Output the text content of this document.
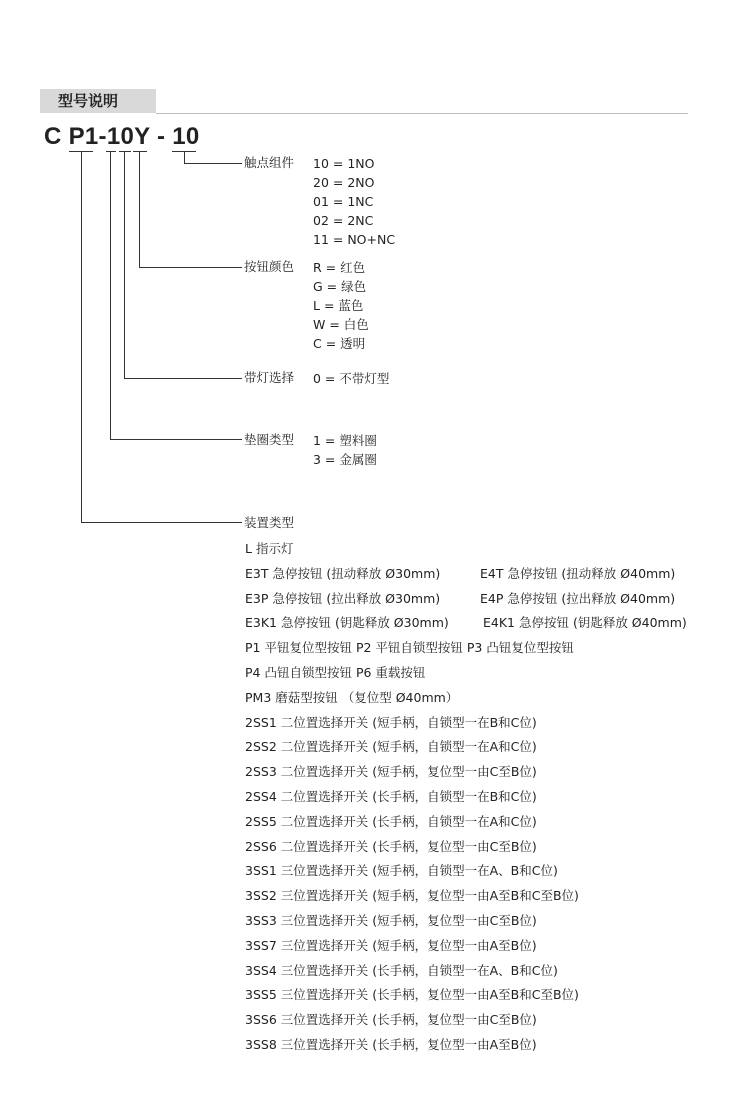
型号说明
C P1-10Y - 10
触点组件 10 = 1NO
20 = 2NO
01 = 1NC
02 = 2NC
11 = NO+NC
按钮颜色 R = 红色
G = 绿色
L = 蓝色
W = 白色
C = 透明
带灯选择 0 = 不带灯型
垫圈类型 1 = 塑料圈
3 = 金属圈
装置类型
L 指示灯
E3T 急停按钮 (扭动释放 Ø30mm)	E4T 急停按钮 (扭动释放 Ø40mm)
E3P 急停按钮 (拉出释放 Ø30mm)	E4P 急停按钮 (拉出释放 Ø40mm)
E3K1 急停按钮 (钥匙释放 Ø30mm)	E4K1 急停按钮 (钥匙释放 Ø40mm)
P1 平钮复位型按钮 P2 平钮自锁型按钮 P3 凸钮复位型按钮
P4 凸钮自锁型按钮 P6 重载按钮
PM3 磨菇型按钮 （复位型 Ø40mm）
2SS1 二位置选择开关 (短手柄，自锁型一在B和C位)
2SS2 二位置选择开关 (短手柄，自锁型一在A和C位)
2SS3 二位置选择开关 (短手柄，复位型一由C至B位)
2SS4 二位置选择开关 (长手柄，自锁型一在B和C位)
2SS5 二位置选择开关 (长手柄，自锁型一在A和C位)
2SS6 二位置选择开关 (长手柄，复位型一由C至B位)
3SS1 三位置选择开关 (短手柄，自锁型一在A、B和C位)
3SS2 三位置选择开关 (短手柄，复位型一由A至B和C至B位)
3SS3 三位置选择开关 (短手柄，复位型一由C至B位)
3SS7 三位置选择开关 (短手柄，复位型一由A至B位)
3SS4 三位置选择开关 (长手柄，自锁型一在A、B和C位)
3SS5 三位置选择开关 (长手柄，复位型一由A至B和C至B位)
3SS6 三位置选择开关 (长手柄，复位型一由C至B位)
3SS8 三位置选择开关 (长手柄，复位型一由A至B位)
